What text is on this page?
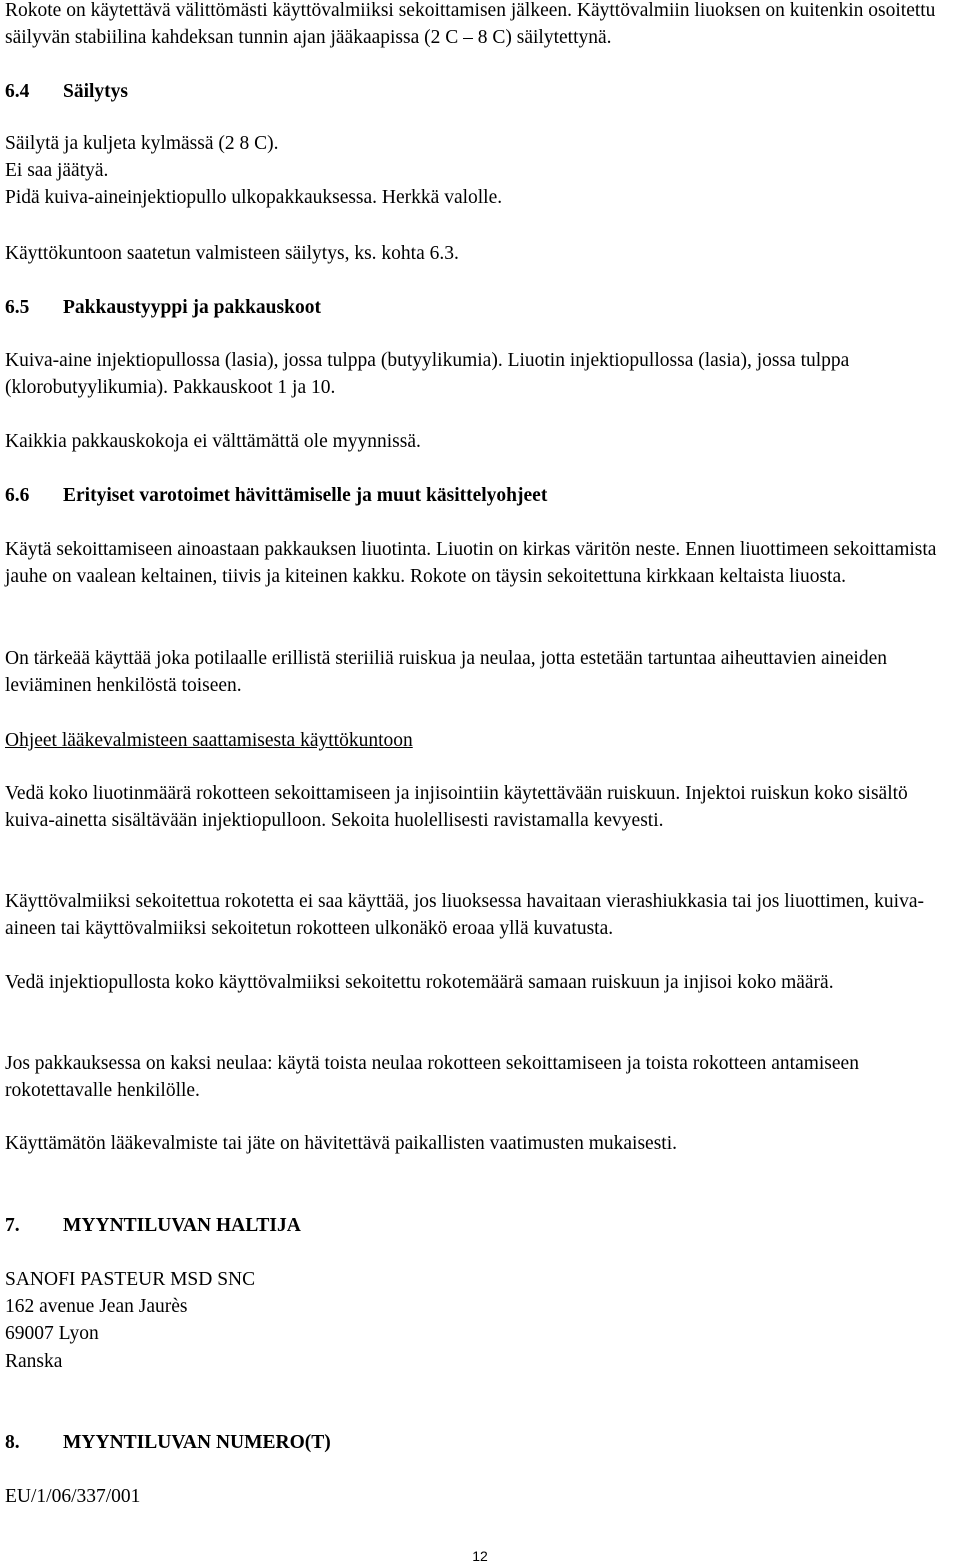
Rokote on käytettävä välittömästi käyttövalmiiksi sekoittamisen jälkeen. Käyttövalmiin liuoksen on kuitenkin osoitettu säilyvän stabiilina kahdeksan tunnin ajan jääkaapissa (2 C – 8 C) säilytettynä.

6.4 Säilytys
Säilytä ja kuljeta kylmässä (2 8 C).
Ei saa jäätyä.
Pidä kuiva-aineinjektiopullo ulkopakkauksessa. Herkkä valolle.

Käyttökuntoon saatetun valmisteen säilytys, ks. kohta 6.3.

6.5 Pakkaustyyppi ja pakkauskoot

Kuiva-aine injektiopullossa (lasia), jossa tulppa (butyylikumia). Liuotin injektiopullossa (lasia), jossa tulppa (klorobutyylikumia). Pakkauskoot 1 ja 10.

Kaikkia pakkauskokoja ei välttämättä ole myynnissä.

6.6 Erityiset varotoimet hävittämiselle ja muut käsittelyohjeet

Käytä sekoittamiseen ainoastaan pakkauksen liuotinta. Liuotin on kirkas väritön neste. Ennen liuottimeen sekoittamista jauhe on vaalean keltainen, tiivis ja kiteinen kakku. Rokote on täysin sekoitettuna kirkkaan keltaista liuosta.

On tärkeää käyttää joka potilaalle erillistä steriiliä ruiskua ja neulaa, jotta estetään tartuntaa aiheuttavien aineiden leviäminen henkilöstä toiseen.

Ohjeet lääkevalmisteen saattamisesta käyttökuntoon

Vedä koko liuotinmäärä rokotteen sekoittamiseen ja injisointiin käytettävään ruiskuun. Injektoi ruiskun koko sisältö kuiva-ainetta sisältävään injektiopulloon. Sekoita huolellisesti ravistamalla kevyesti.

Käyttövalmiiksi sekoitettua rokotetta ei saa käyttää, jos liuoksessa havaitaan vierashiukkasia tai jos liuottimen, kuiva-aineen tai käyttövalmiiksi sekoitetun rokotteen ulkonäkö eroaa yllä kuvatusta.

Vedä injektiopullosta koko käyttövalmiiksi sekoitettu rokotemäärä samaan ruiskuun ja injisoi koko määrä.

Jos pakkauksessa on kaksi neulaa: käytä toista neulaa rokotteen sekoittamiseen ja toista rokotteen antamiseen rokotettavalle henkilölle.

Käyttämätön lääkevalmiste tai jäte on hävitettävä paikallisten vaatimusten mukaisesti.

7. MYYNTILUVAN HALTIJA
SANOFI PASTEUR MSD SNC
162 avenue Jean Jaurès
69007 Lyon
Ranska
8. MYYNTILUVAN NUMERO(T)

EU/1/06/337/001

12
